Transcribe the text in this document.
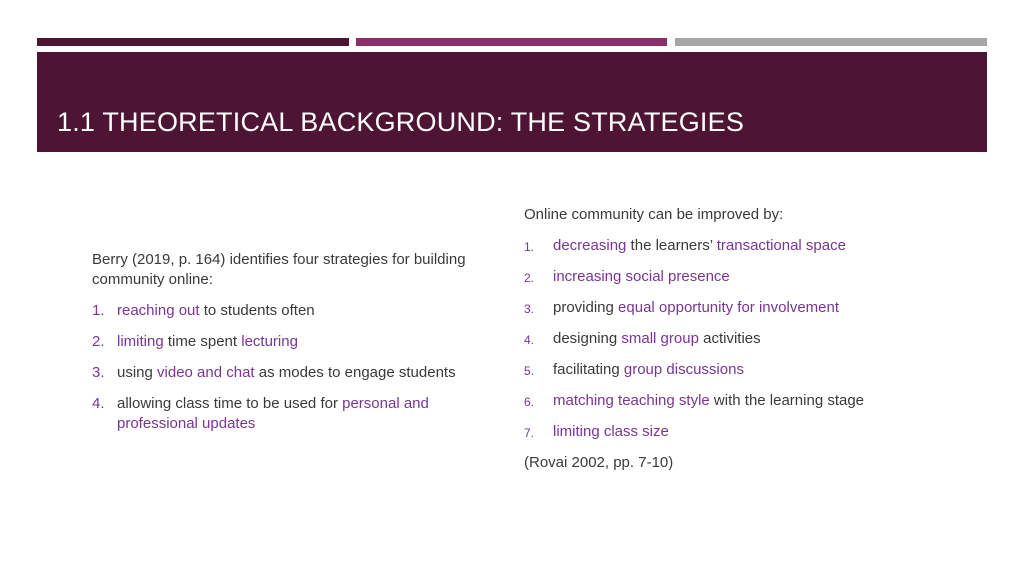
1.1 THEORETICAL BACKGROUND: THE STRATEGIES

Berry (2019, p. 164) identifies four strategies for building community online:

1. reaching out to students often
2. limiting time spent lecturing
3. using video and chat as modes to engage students
4. allowing class time to be used for personal and professional updates

Online community can be improved by:

1. decreasing the learners’ transactional space
2. increasing social presence
3. providing equal opportunity for involvement
4. designing small group activities
5. facilitating group discussions
6. matching teaching style with the learning stage
7. limiting class size

(Rovai 2002, pp. 7-10)
